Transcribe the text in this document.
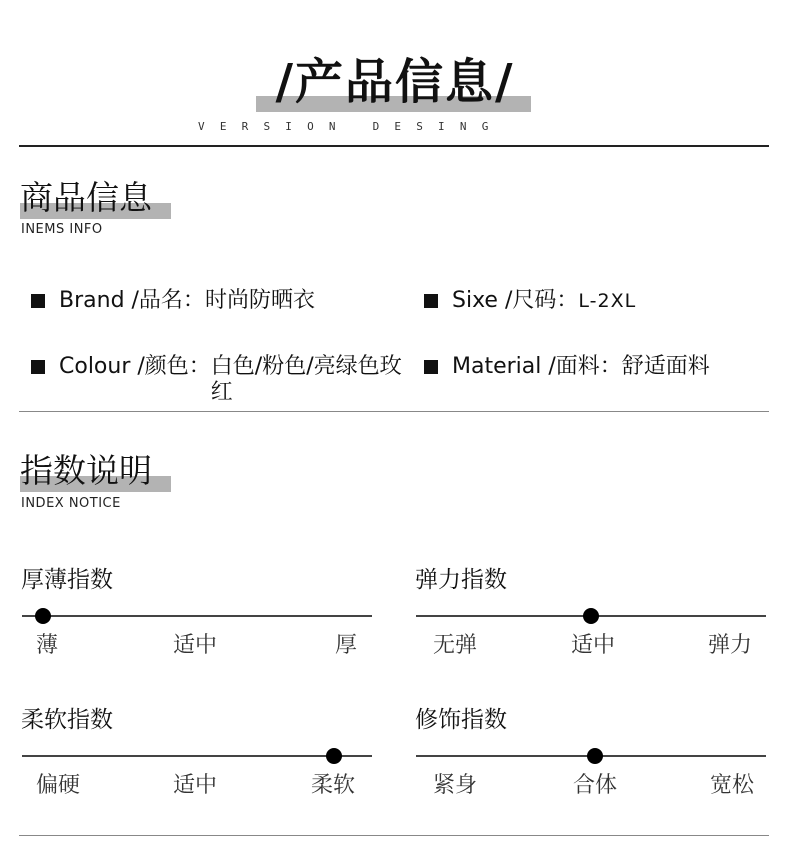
/产品信息/
VERSION DESING
商品信息
INEMS INFO
Brand /品名： 时尚防晒衣	Sixe /尺码： L-2XL
Colour /颜色： 白色/粉色/亮绿色玫红
Material /面料： 舒适面料
指数说明
INDEX NOTICE
厚薄指数
薄	适中	厚
弹力指数
无弹	适中	弹力
柔软指数
偏硬	适中	柔软
修饰指数
紧身	合体	宽松
